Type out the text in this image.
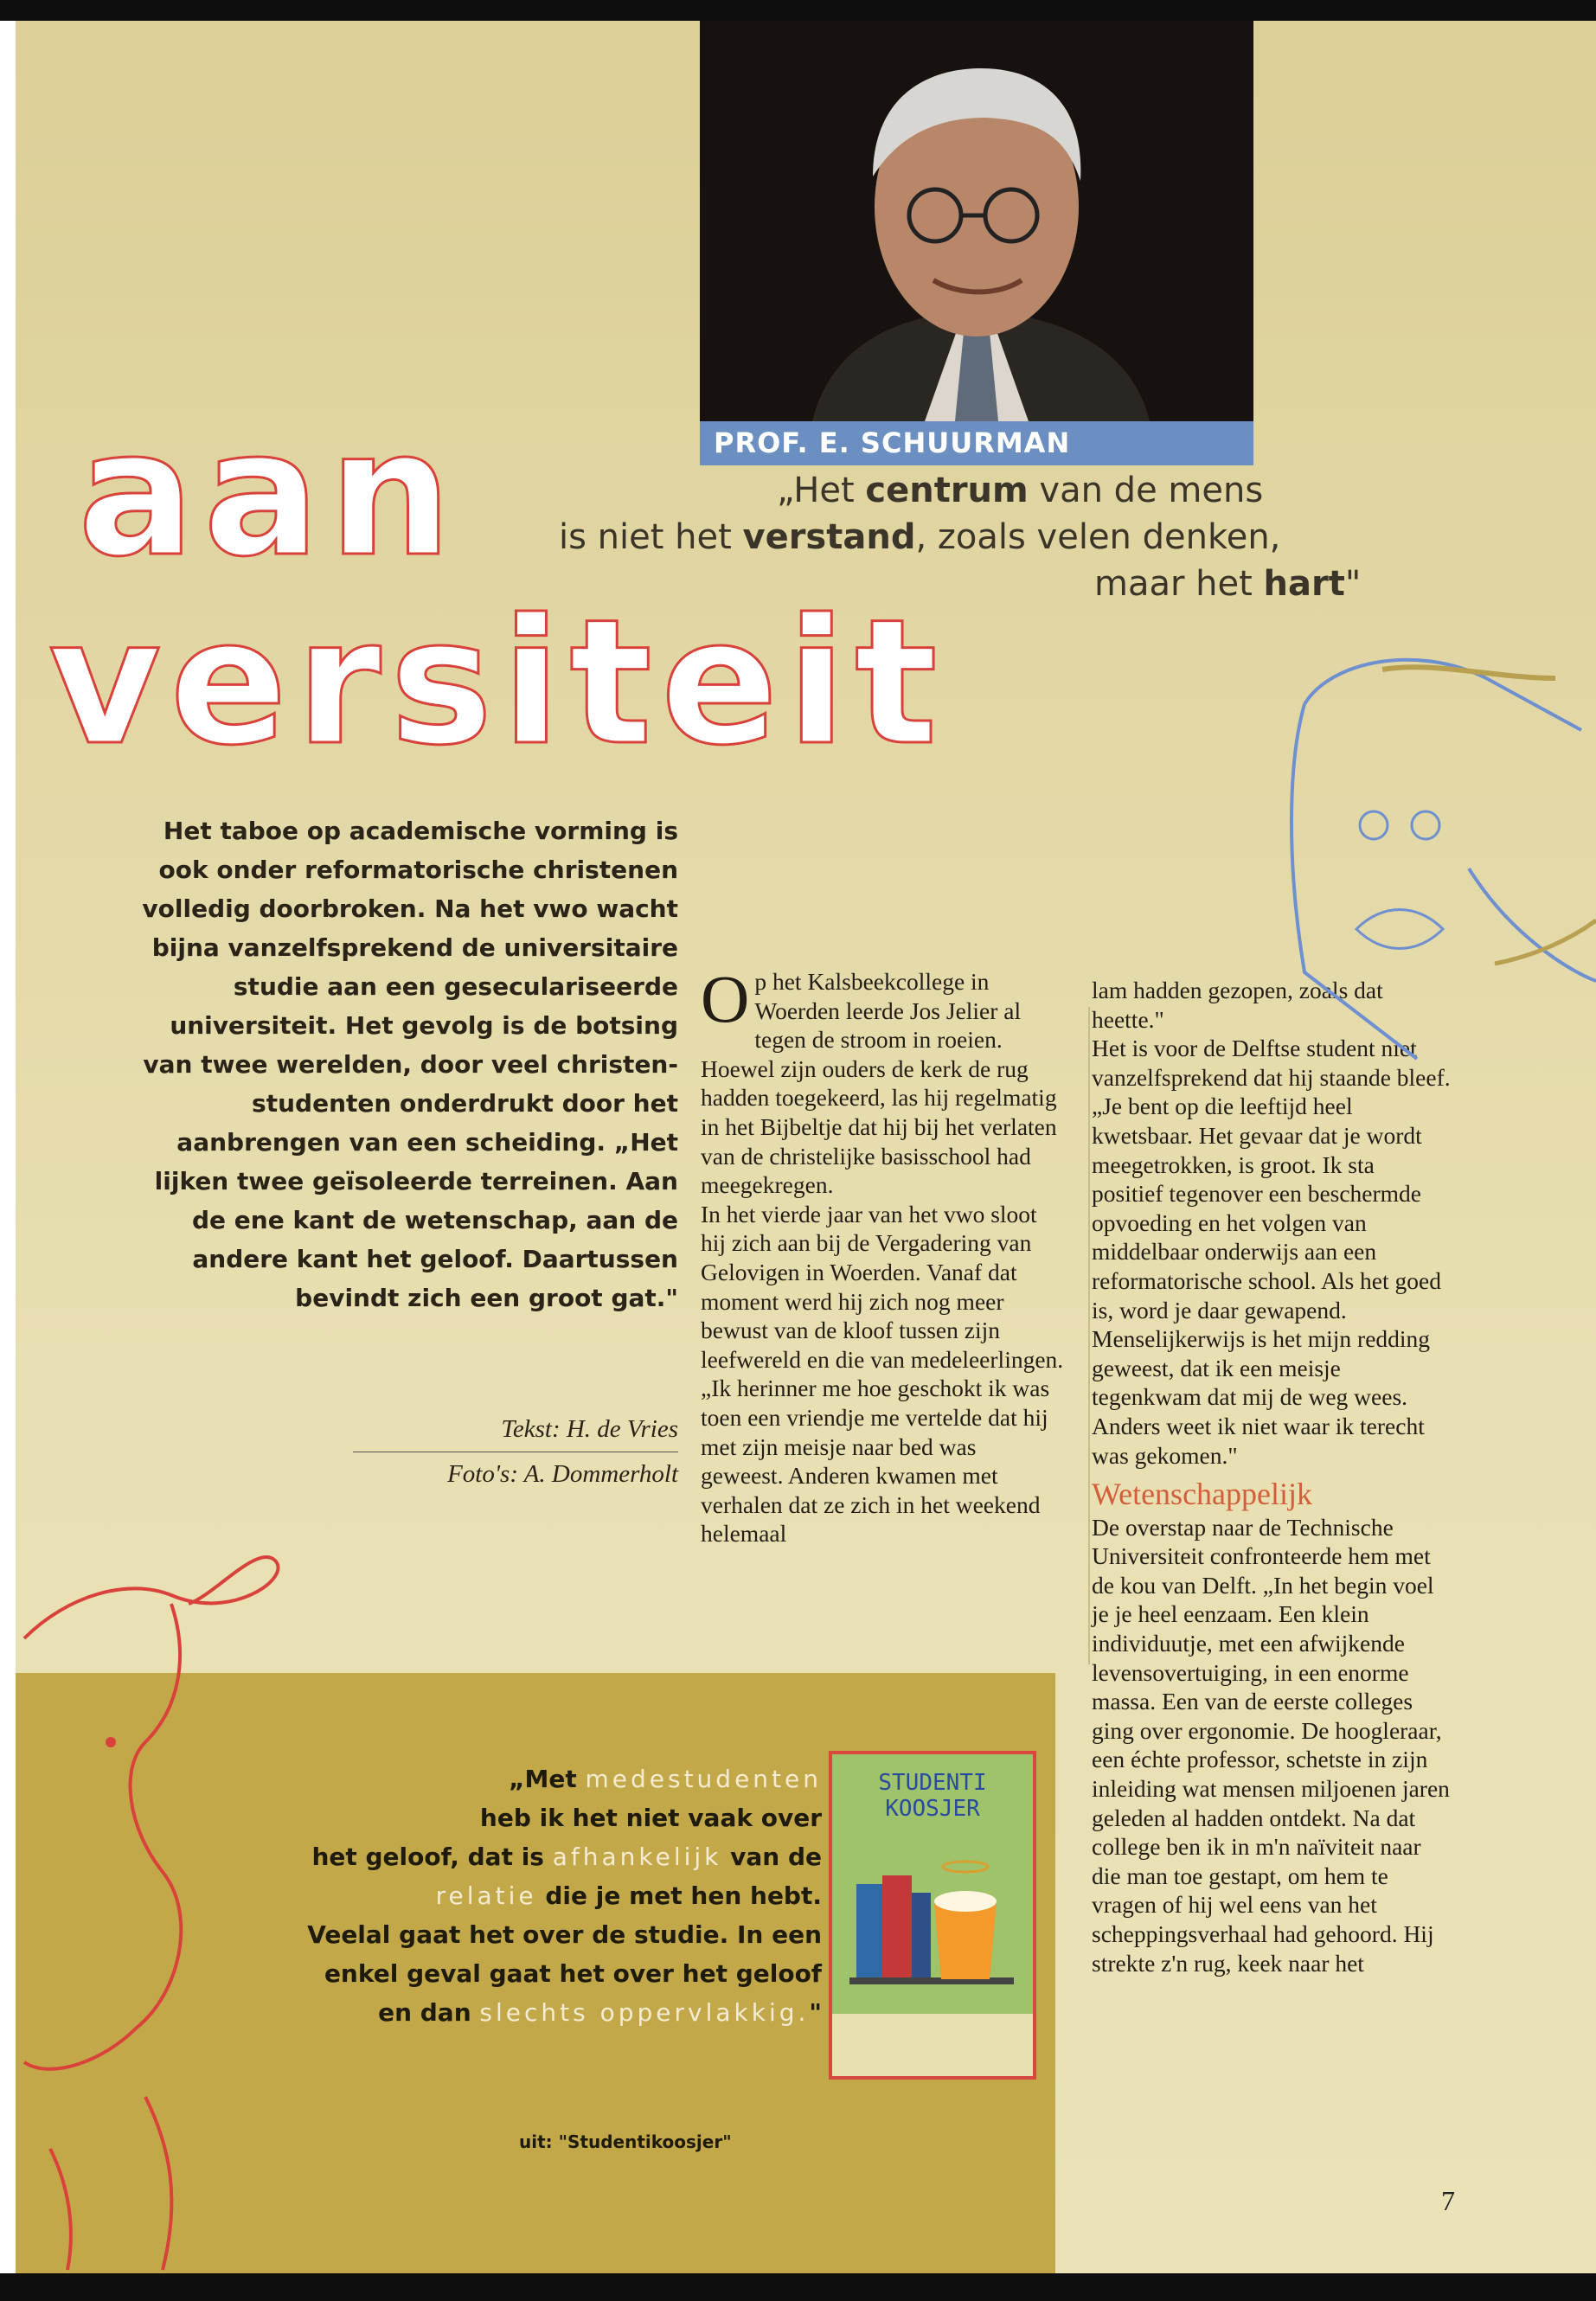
PROF. E. SCHUURMAN
aan
versiteit
„Het centrum van de mens
is niet het verstand, zoals velen denken,
maar het hart"
Het taboe op academische vorming is ook onder reformatorische christenen volledig doorbroken. Na het vwo wacht bijna vanzelfsprekend de universitaire studie aan een geseculariseerde universiteit. Het gevolg is de botsing van twee werelden, door veel christen-studenten onderdrukt door het aanbrengen van een scheiding. „Het lijken twee geïsoleerde terreinen. Aan de ene kant de wetenschap, aan de andere kant het geloof. Daartussen bevindt zich een groot gat."
Tekst: H. de Vries
Foto's: A. Dommerholt

Op het Kalsbeekcollege in Woerden leerde Jos Jelier al tegen de stroom in roeien. Hoewel zijn ouders de kerk de rug hadden toegekeerd, las hij regelmatig in het Bijbeltje dat hij bij het verlaten van de christelijke basisschool had meegekregen.

In het vierde jaar van het vwo sloot hij zich aan bij de Vergadering van Gelovigen in Woerden. Vanaf dat moment werd hij zich nog meer bewust van de kloof tussen zijn leefwereld en die van medeleerlingen. „Ik herinner me hoe geschokt ik was toen een vriendje me vertelde dat hij met zijn meisje naar bed was geweest. Anderen kwamen met verhalen dat ze zich in het weekend helemaal

lam hadden gezopen, zoals dat heette."

Het is voor de Delftse student niet vanzelfsprekend dat hij staande bleef. „Je bent op die leeftijd heel kwetsbaar. Het gevaar dat je wordt meegetrokken, is groot. Ik sta positief tegenover een beschermde opvoeding en het volgen van middelbaar onderwijs aan een reformatorische school. Als het goed is, word je daar gewapend. Menselijkerwijs is het mijn redding geweest, dat ik een meisje tegenkwam dat mij de weg wees. Anders weet ik niet waar ik terecht was gekomen."

Wetenschappelijk

De overstap naar de Technische Universiteit confronteerde hem met de kou van Delft. „In het begin voel je je heel eenzaam. Een klein individuutje, met een afwijkende levensovertuiging, in een enorme massa. Een van de eerste colleges ging over ergonomie. De hoogleraar, een échte professor, schetste in zijn inleiding wat mensen miljoenen jaren geleden al hadden ontdekt. Na dat college ben ik in m'n naïviteit naar die man toe gestapt, om hem te vragen of hij wel eens van het scheppingsverhaal had gehoord. Hij strekte z'n rug, keek naar het

„Met medestudenten
heb ik het niet vaak over
het geloof, dat is afhankelijk van de
relatie die je met hen hebt.
Veelal gaat het over de studie. In een
enkel geval gaat het over het geloof
en dan slechts oppervlakkig."
STUDENTI
KOOSJER
uit: "Studentikoosjer"
7
